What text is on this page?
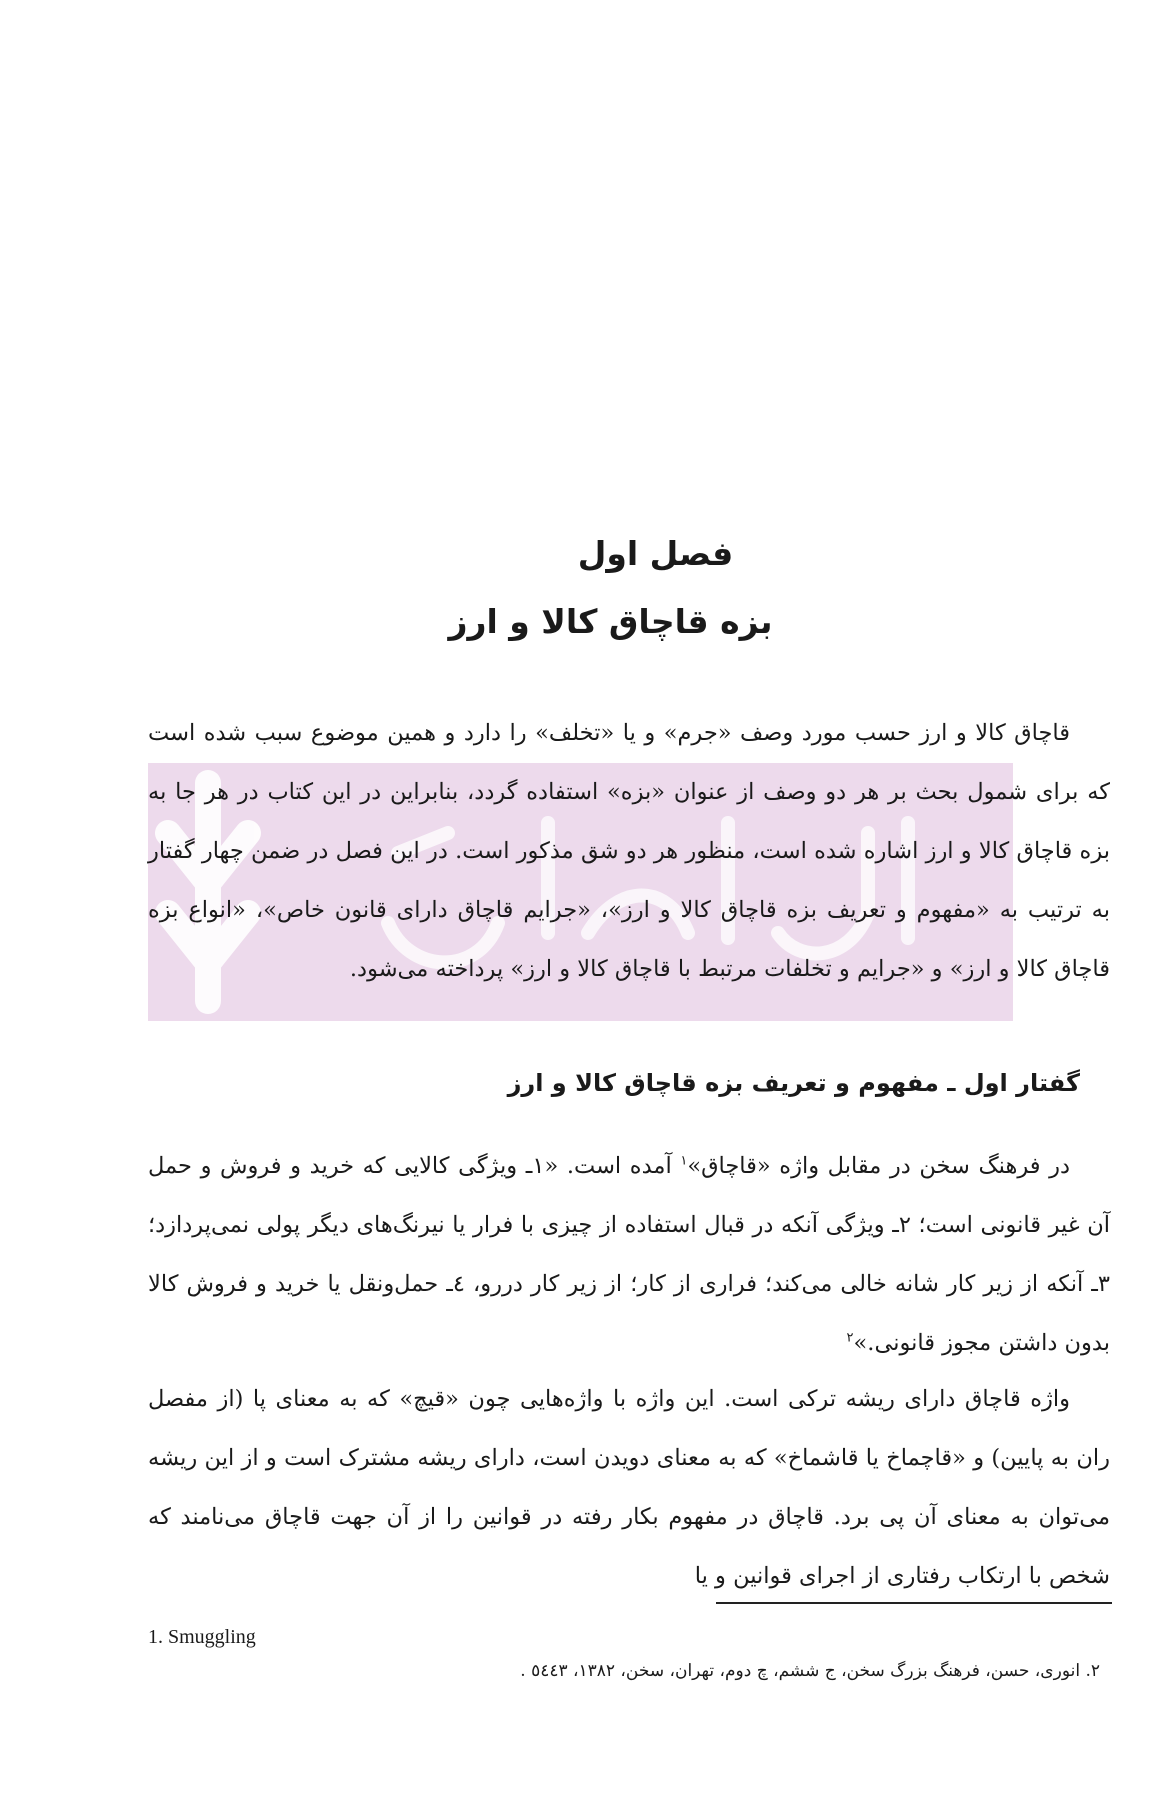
فصل اول
بزه قاچاق کالا و ارز

قاچاق کالا و ارز حسب مورد وصف «جرم» و یا «تخلف» را دارد و همین موضوع سبب شده است که برای شمول بحث بر هر دو وصف از عنوان «بزه» استفاده گردد، بنابراین در این کتاب در هر جا به بزه قاچاق کالا و ارز اشاره شده است، منظور هر دو شق مذکور است. در این فصل در ضمن چهار گفتار به ترتیب به «مفهوم و تعریف بزه قاچاق کالا و ارز»، «جرایم قاچاق دارای قانون خاص»، «انواع بزه قاچاق کالا و ارز» و «جرایم و تخلفات مرتبط با قاچاق کالا و ارز» پرداخته می‌شود.

گفتار اول ـ مفهوم و تعریف بزه قاچاق کالا و ارز

در فرهنگ سخن در مقابل واژه «قاچاق»$^۱$ آمده است. «۱ـ ویژگی کالایی که خرید و فروش و حمل آن غیر قانونی است؛ ۲ـ ویژگی آنکه در قبال استفاده از چیزی با فرار یا نیرنگ‌های دیگر پولی نمی‌پردازد؛ ۳ـ آنکه از زیر کار شانه خالی می‌کند؛ فراری از کار؛ از زیر کار دررو، ٤ـ حمل‌ونقل یا خرید و فروش کالا بدون داشتن مجوز قانونی.»$^۲$

واژه قاچاق دارای ریشه ترکی است. این واژه با واژه‌هایی چون «قیچ» که به معنای پا (از مفصل ران به پایین) و «قاچماخ یا قاشماخ» که به معنای دویدن است، دارای ریشه مشترک است و از این ریشه می‌توان به معنای آن پی برد. قاچاق در مفهوم بکار رفته در قوانین را از آن جهت قاچاق می‌نامند که شخص با ارتکاب رفتاری از اجرای قوانین و یا

1. Smuggling
۲. انوری، حسن، فرهنگ بزرگ سخن، ج ششم، چ دوم، تهران، سخن، ۱۳۸۲، ٥٤٤۳ .
